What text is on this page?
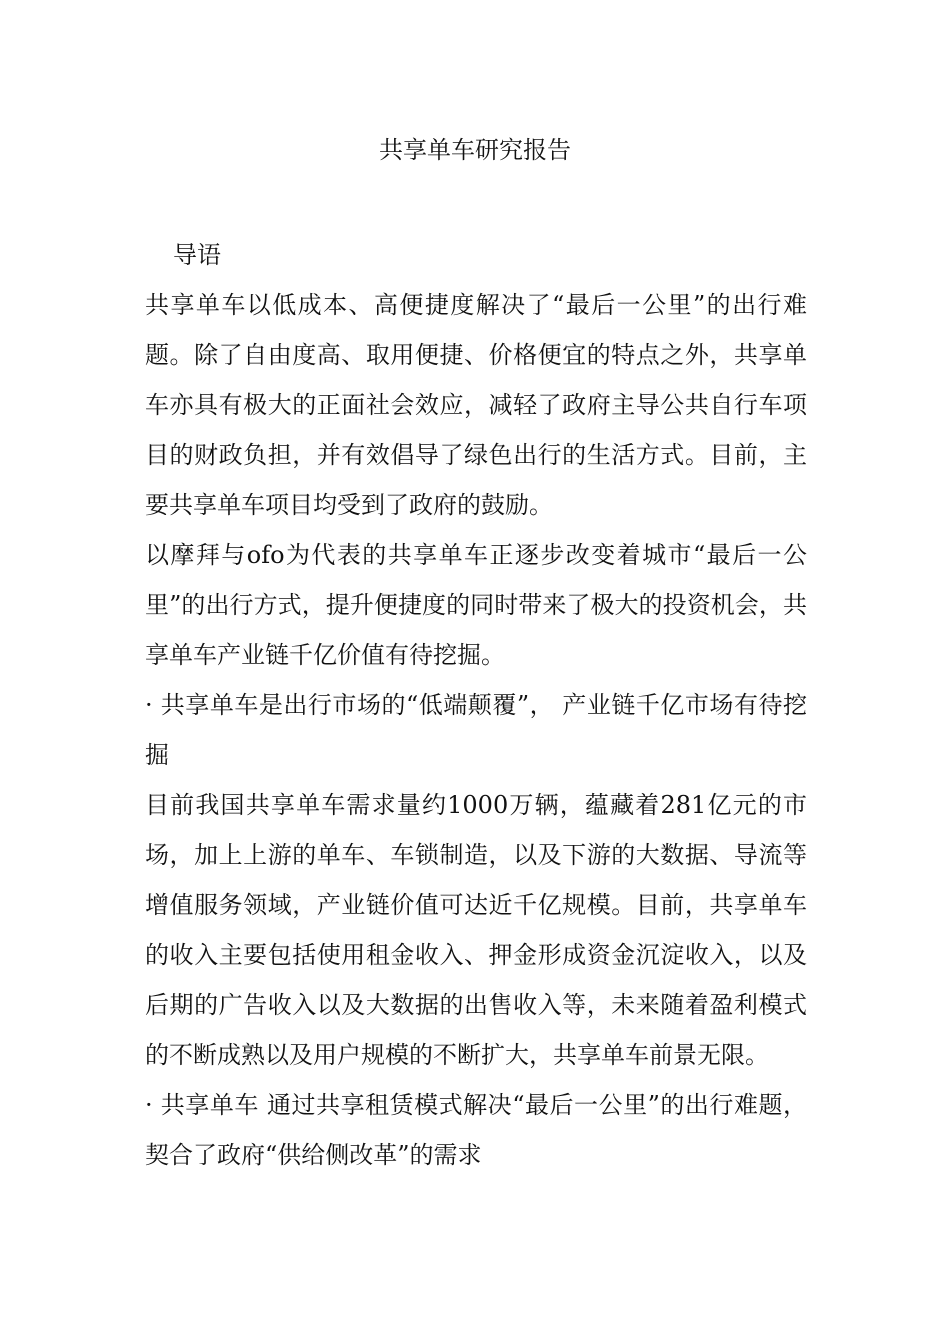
共享单车研究报告

导语

共享单车以低成本、高便捷度解决了“最后一公里”的出行难题。除了自由度高、取用便捷、价格便宜的特点之外，共享单车亦具有极大的正面社会效应，减轻了政府主导公共自行车项目的财政负担，并有效倡导了绿色出行的生活方式。目前，主要共享单车项目均受到了政府的鼓励。

以摩拜与ofo为代表的共享单车正逐步改变着城市“最后一公里”的出行方式，提升便捷度的同时带来了极大的投资机会，共享单车产业链千亿价值有待挖掘。

· 共享单车是出行市场的“低端颠覆”， 产业链千亿市场有待挖掘

目前我国共享单车需求量约1000万辆，蕴藏着281亿元的市场，加上上游的单车、车锁制造，以及下游的大数据、导流等增值服务领域，产业链价值可达近千亿规模。目前，共享单车的收入主要包括使用租金收入、押金形成资金沉淀收入，以及后期的广告收入以及大数据的出售收入等，未来随着盈利模式的不断成熟以及用户规模的不断扩大，共享单车前景无限。

· 共享单车 通过共享租赁模式解决“最后一公里”的出行难题，契合了政府“供给侧改革”的需求
